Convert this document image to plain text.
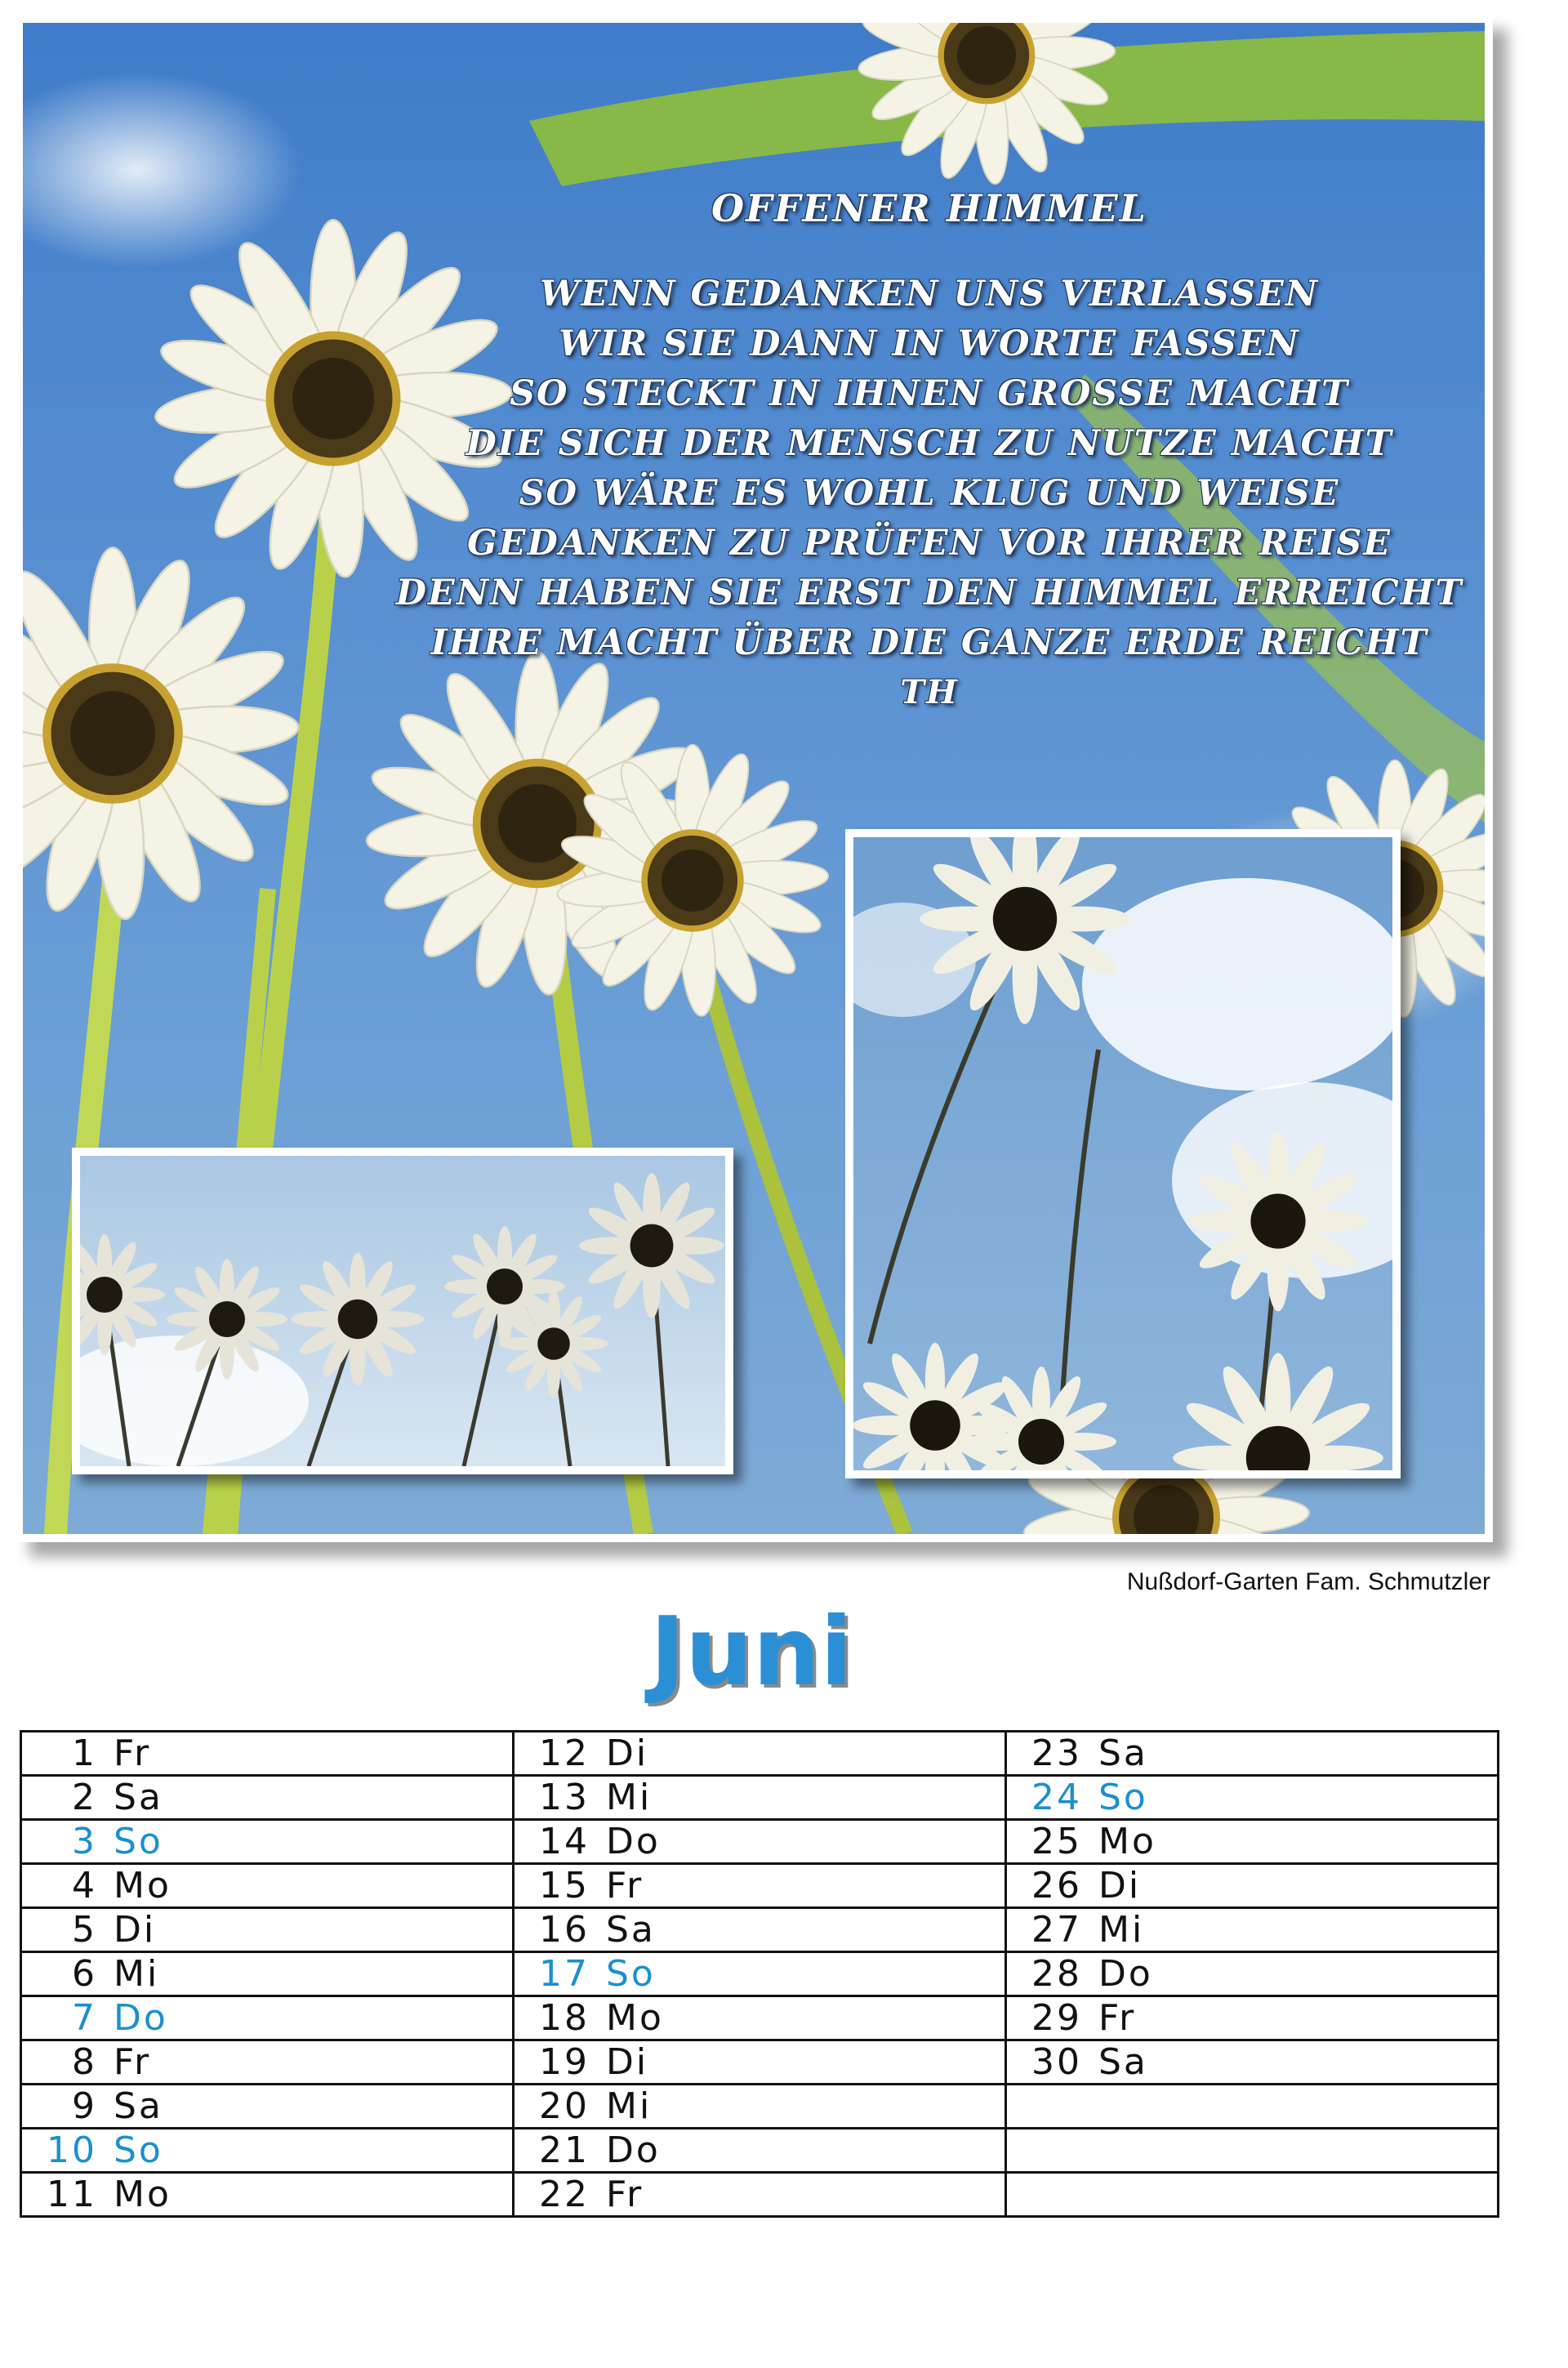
OFFENER HIMMEL
WENN GEDANKEN UNS VERLASSEN
WIR SIE DANN IN WORTE FASSEN
SO STECKT IN IHNEN GROSSE MACHT
DIE SICH DER MENSCH ZU NUTZE MACHT
SO WÄRE ES WOHL KLUG UND WEISE
GEDANKEN ZU PRÜFEN VOR IHRER REISE
DENN HABEN SIE ERST DEN HIMMEL ERREICHT
IHRE MACHT ÜBER DIE GANZE ERDE REICHT
TH
Nußdorf-Garten Fam. Schmutzler
Juni
1 Fr	12 Di	23 Sa
2 Sa	13 Mi	24 So
3 So	14 Do	25 Mo
4 Mo	15 Fr	26 Di
5 Di	16 Sa	27 Mi
6 Mi	17 So	28 Do
7 Do	18 Mo	29 Fr
8 Fr	19 Di	30 Sa
9 Sa	20 Mi	
10 So	21 Do	
11 Mo	22 Fr	
